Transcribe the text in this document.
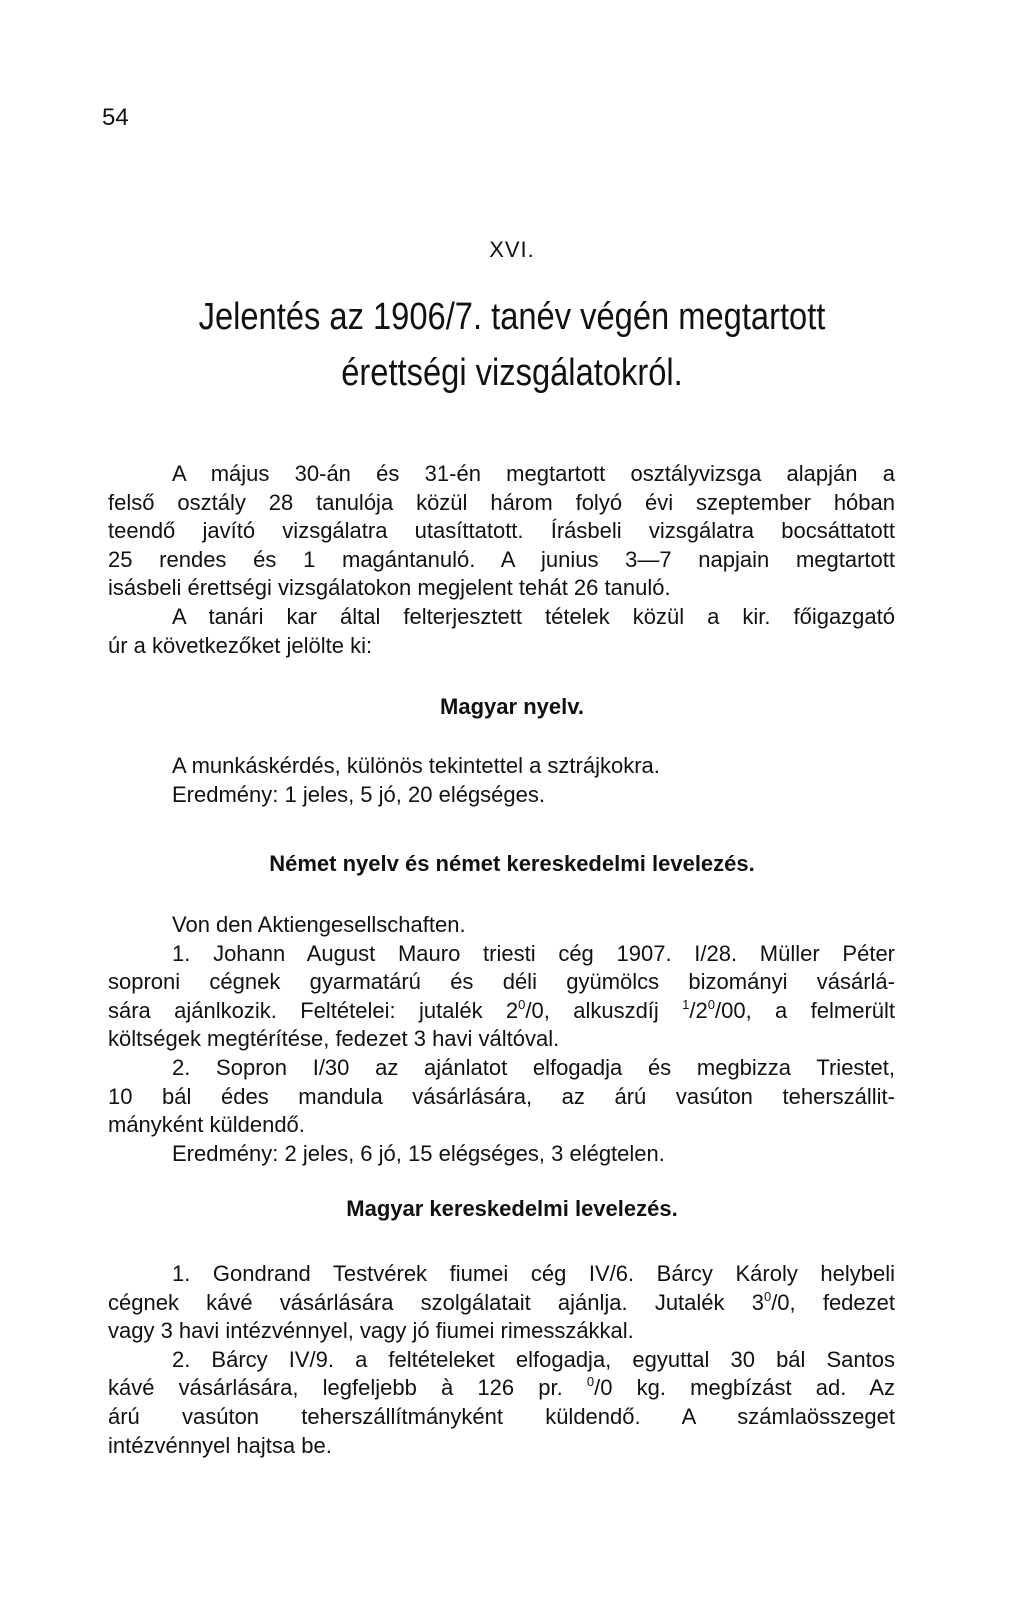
54
XVI.
Jelentés az 1906/7. tanév végén megtartott
érettségi vizsgálatokról.
A május 30-án és 31-én megtartott osztályvizsga alapján a
felső osztály 28 tanulója közül három folyó évi szeptember hóban
teendő javító vizsgálatra utasíttatott. Írásbeli vizsgálatra bocsáttatott
25 rendes és 1 magántanuló. A junius 3—7 napjain megtartott
isásbeli érettségi vizsgálatokon megjelent tehát 26 tanuló.
A tanári kar által felterjesztett tételek közül a kir. főigazgató
úr a következőket jelölte ki:
Magyar nyelv.
A munkáskérdés, különös tekintettel a sztrájkokra.
Eredmény: 1 jeles, 5 jó, 20 elégséges.
Német nyelv és német kereskedelmi levelezés.
Von den Aktiengesellschaften.
1. Johann August Mauro triesti cég 1907. I/28. Müller Péter
soproni cégnek gyarmatárú és déli gyümölcs bizományi vásárlá-
sára ajánlkozik. Feltételei: jutalék $2^0/0$, alkuszdíj $^1/2^0/00$, a felmerült
költségek megtérítése, fedezet 3 havi váltóval.
2. Sopron I/30 az ajánlatot elfogadja és megbizza Triestet,
10 bál édes mandula vásárlására, az árú vasúton teherszállit-
mányként küldendő.
Eredmény: 2 jeles, 6 jó, 15 elégséges, 3 elégtelen.
Magyar kereskedelmi levelezés.
1. Gondrand Testvérek fiumei cég IV/6. Bárcy Károly helybeli
cégnek kávé vásárlására szolgálatait ajánlja. Jutalék $3^0/0$, fedezet
vagy 3 havi intézvénnyel, vagy jó fiumei rimesszákkal.
2. Bárcy IV/9. a feltételeket elfogadja, egyuttal 30 bál Santos
kávé vásárlására, legfeljebb à 126 pr. $^0$/0 kg. megbízást ad. Az
árú vasúton teherszállítmányként küldendő. A számlaösszeget
intézvénnyel hajtsa be.
